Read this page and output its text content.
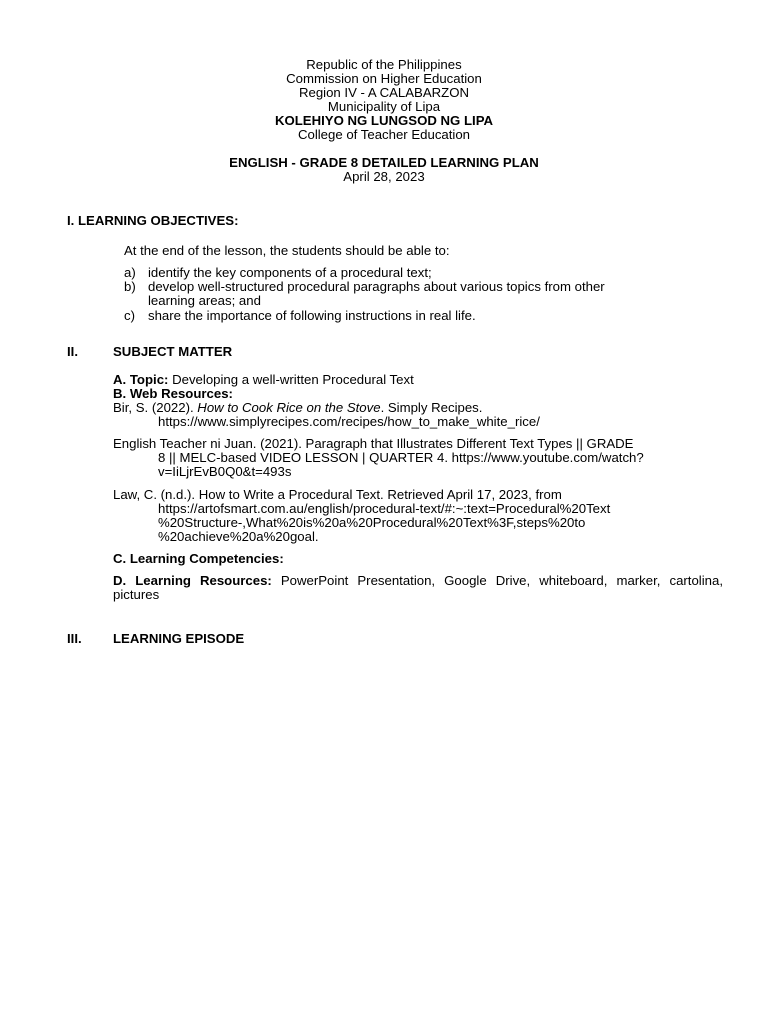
Republic of the Philippines
Commission on Higher Education
Region IV - A CALABARZON
Municipality of Lipa
KOLEHIYO NG LUNGSOD NG LIPA
College of Teacher Education
ENGLISH - GRADE 8 DETAILED LEARNING PLAN
April 28, 2023
I. LEARNING OBJECTIVES:
At the end of the lesson, the students should be able to:
a) identify the key components of a procedural text;
b) develop well-structured procedural paragraphs about various topics from other
learning areas; and
c) share the importance of following instructions in real life.
II.	SUBJECT MATTER
A. Topic: Developing a well-written Procedural Text
B. Web Resources:
Bir, S. (2022). How to Cook Rice on the Stove. Simply Recipes.
https://www.simplyrecipes.com/recipes/how_to_make_white_rice/
English Teacher ni Juan. (2021). Paragraph that Illustrates Different Text Types || GRADE
8 || MELC-based VIDEO LESSON | QUARTER 4. https://www.youtube.com/watch?
v=IiLjrEvB0Q0&t=493s
Law, C. (n.d.). How to Write a Procedural Text. Retrieved April 17, 2023, from
https://artofsmart.com.au/english/procedural-text/#:~:text=Procedural%20Text
%20Structure-,What%20is%20a%20Procedural%20Text%3F,steps%20to
%20achieve%20a%20goal.
C. Learning Competencies:
D. Learning Resources: PowerPoint Presentation, Google Drive, whiteboard, marker, cartolina, pictures
III. LEARNING EPISODE
